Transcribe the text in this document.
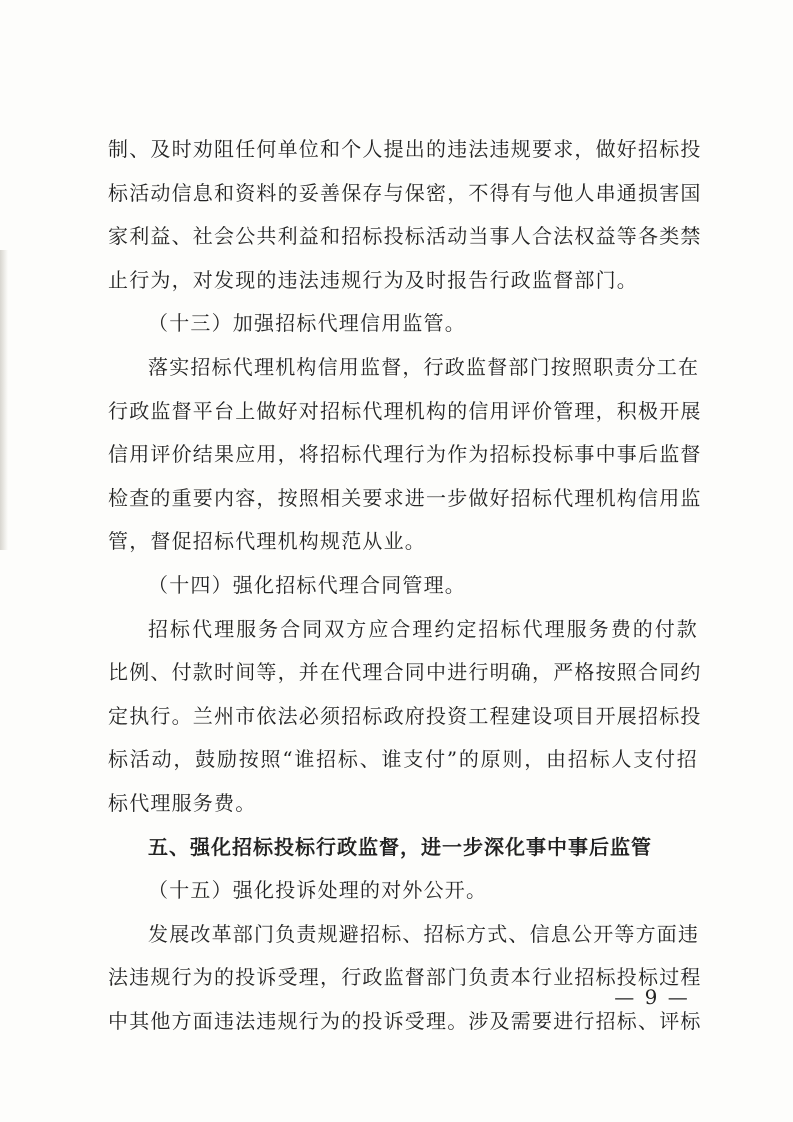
制、及时劝阻任何单位和个人提出的违法违规要求，做好招标投
标活动信息和资料的妥善保存与保密，不得有与他人串通损害国
家利益、社会公共利益和招标投标活动当事人合法权益等各类禁
止行为，对发现的违法违规行为及时报告行政监督部门。
（十三）加强招标代理信用监管。
落实招标代理机构信用监督，行政监督部门按照职责分工在
行政监督平台上做好对招标代理机构的信用评价管理，积极开展
信用评价结果应用，将招标代理行为作为招标投标事中事后监督
检查的重要内容，按照相关要求进一步做好招标代理机构信用监
管，督促招标代理机构规范从业。
（十四）强化招标代理合同管理。
招标代理服务合同双方应合理约定招标代理服务费的付款
比例、付款时间等，并在代理合同中进行明确，严格按照合同约
定执行。兰州市依法必须招标政府投资工程建设项目开展招标投
标活动，鼓励按照“谁招标、谁支付”的原则，由招标人支付招
标代理服务费。
五、强化招标投标行政监督，进一步深化事中事后监管
（十五）强化投诉处理的对外公开。
发展改革部门负责规避招标、招标方式、信息公开等方面违
法违规行为的投诉受理，行政监督部门负责本行业招标投标过程
中其他方面违法违规行为的投诉受理。涉及需要进行招标、评标
— 9 —
